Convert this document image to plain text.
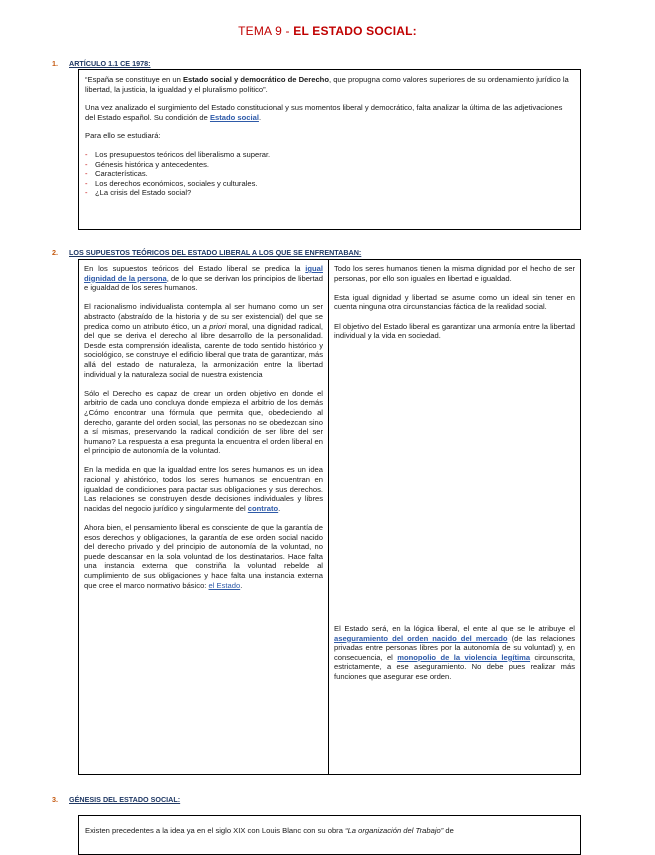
TEMA 9 - EL ESTADO SOCIAL:
1. ARTÍCULO 1.1 CE 1978:

“España se constituye en un Estado social y democrático de Derecho, que propugna como valores superiores de su ordenamiento jurídico la libertad, la justicia, la igualdad y el pluralismo político”.

Una vez analizado el surgimiento del Estado constitucional y sus momentos liberal y democrático, falta analizar la última de las adjetivaciones del Estado español. Su condición de Estado social.

Para ello se estudiará:

- Los presupuestos teóricos del liberalismo a superar.
- Génesis histórica y antecedentes.
- Características.
- Los derechos económicos, sociales y culturales.
- ¿La crisis del Estado social?
2. LOS SUPUESTOS TEÓRICOS DEL ESTADO LIBERAL A LOS QUE SE ENFRENTABAN:

En los supuestos teóricos del Estado liberal se predica la igual dignidad de la persona, de lo que se derivan los principios de libertad e igualdad de los seres humanos.

El racionalismo individualista contempla al ser humano como un ser abstracto (abstraído de la historia y de su ser existencial) del que se predica como un atributo ético, un a priori moral, una dignidad radical, del que se deriva el derecho al libre desarrollo de la personalidad. Desde esta comprensión idealista, carente de todo sentido histórico y sociológico, se construye el edificio liberal que trata de garantizar, más allá del estado de naturaleza, la armonización entre la libertad individual y la naturaleza social de nuestra existencia

Sólo el Derecho es capaz de crear un orden objetivo en donde el arbitrio de cada uno concluya donde empieza el arbitrio de los demás ¿Cómo encontrar una fórmula que permita que, obedeciendo al derecho, garante del orden social, las personas no se obedezcan sino a sí mismas, preservando la radical condición de ser libre del ser humano? La respuesta a esa pregunta la encuentra el orden liberal en el principio de autonomía de la voluntad.

En la medida en que la igualdad entre los seres humanos es un idea racional y ahistórico, todos los seres humanos se encuentran en igualdad de condiciones para pactar sus obligaciones y sus derechos. Las relaciones se construyen desde decisiones individuales y libres nacidas del negocio jurídico y singularmente del contrato.

Ahora bien, el pensamiento liberal es consciente de que la garantía de esos derechos y obligaciones, la garantía de ese orden social nacido del derecho privado y del principio de autonomía de la voluntad, no puede descansar en la sola voluntad de los destinatarios. Hace falta una instancia externa que constriña la voluntad rebelde al cumplimiento de sus obligaciones y hace falta una instancia externa que cree el marco normativo básico: el Estado.

Todo los seres humanos tienen la misma dignidad por el hecho de ser personas, por ello son iguales en libertad e igualdad.

Esta igual dignidad y libertad se asume como un ideal sin tener en cuenta ninguna otra circunstancias fáctica de la realidad social.

El objetivo del Estado liberal es garantizar una armonía entre la libertad individual y la vida en sociedad.

El Estado será, en la lógica liberal, el ente al que se le atribuye el aseguramiento del orden nacido del mercado (de las relaciones privadas entre personas libres por la autonomía de su voluntad) y, en consecuencia, el monopolio de la violencia legítima circunscrita, estrictamente, a ese aseguramiento. No debe pues realizar más funciones que asegurar ese orden.
3. GÉNESIS DEL ESTADO SOCIAL:
Existen precedentes a la idea ya en el siglo XIX con Louis Blanc con su obra “La organización del Trabajo” de
